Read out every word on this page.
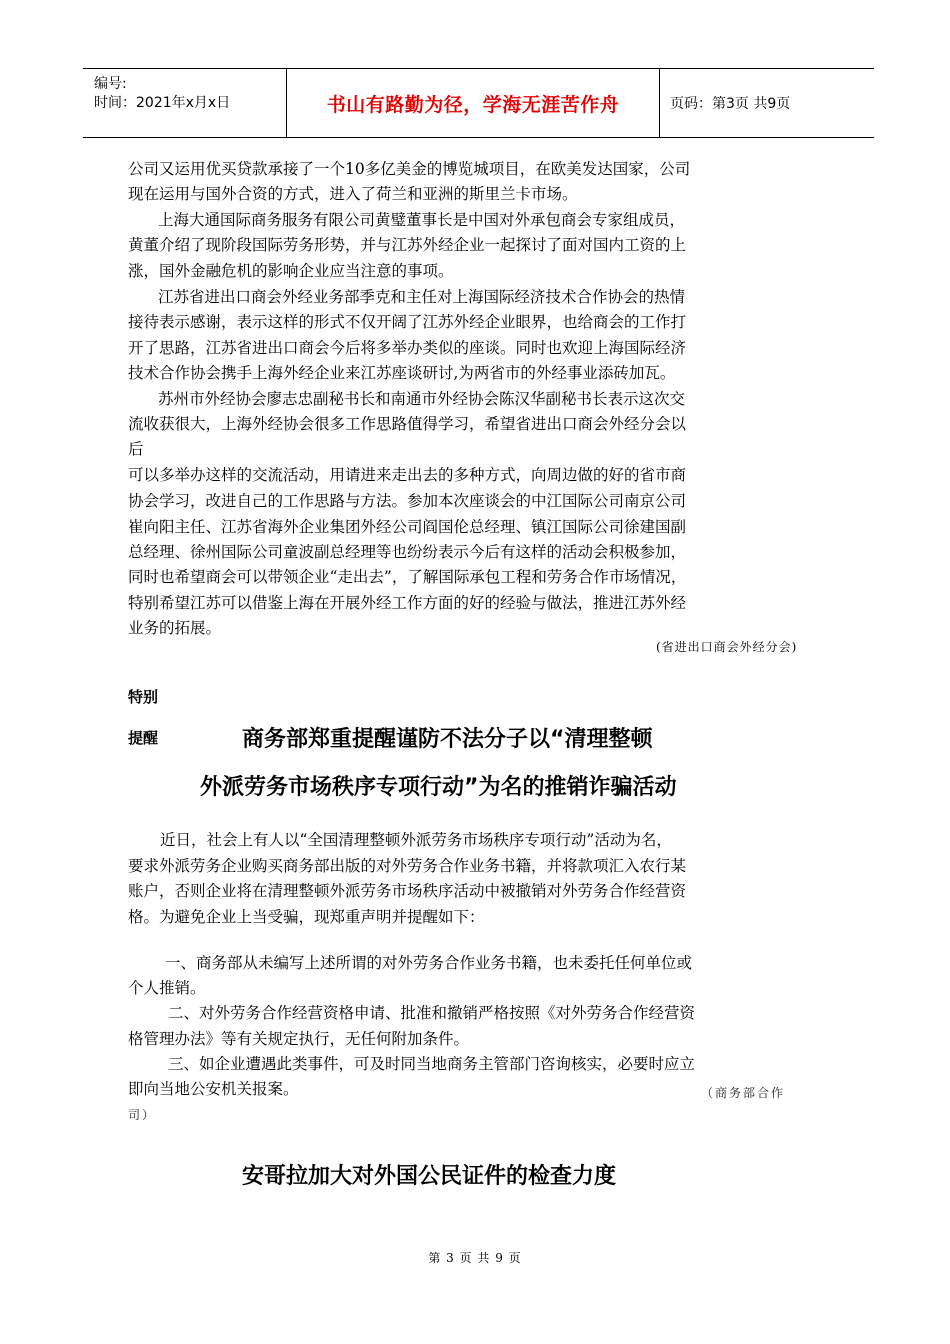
编号:
时间：2021年x月x日	书山有路勤为径，学海无涯苦作舟	页码：第3页 共9页
公司又运用优买贷款承接了一个10多亿美金的博览城项目，在欧美发达国家，公司
现在运用与国外合资的方式，进入了荷兰和亚洲的斯里兰卡市场。
上海大通国际商务服务有限公司黄璧董事长是中国对外承包商会专家组成员，
黄董介绍了现阶段国际劳务形势，并与江苏外经企业一起探讨了面对国内工资的上
涨，国外金融危机的影响企业应当注意的事项。
江苏省进出口商会外经业务部季克和主任对上海国际经济技术合作协会的热情
接待表示感谢，表示这样的形式不仅开阔了江苏外经企业眼界，也给商会的工作打
开了思路，江苏省进出口商会今后将多举办类似的座谈。同时也欢迎上海国际经济
技术合作协会携手上海外经企业来江苏座谈研讨,为两省市的外经事业添砖加瓦。
苏州市外经协会廖志忠副秘书长和南通市外经协会陈汉华副秘书长表示这次交
流收获很大，上海外经协会很多工作思路值得学习，希望省进出口商会外经分会以
后
可以多举办这样的交流活动，用请进来走出去的多种方式，向周边做的好的省市商
协会学习，改进自己的工作思路与方法。参加本次座谈会的中江国际公司南京公司
崔向阳主任、江苏省海外企业集团外经公司阎国伦总经理、镇江国际公司徐建国副
总经理、徐州国际公司童波副总经理等也纷纷表示今后有这样的活动会积极参加，
同时也希望商会可以带领企业“走出去”，了解国际承包工程和劳务合作市场情况，
特别希望江苏可以借鉴上海在开展外经工作方面的好的经验与做法，推进江苏外经
业务的拓展。
(省进出口商会外经分会)
特别
提醒	商务部郑重提醒谨防不法分子以“清理整顿
外派劳务市场秩序专项行动”为名的推销诈骗活动
近日，社会上有人以“全国清理整顿外派劳务市场秩序专项行动”活动为名，
要求外派劳务企业购买商务部出版的对外劳务合作业务书籍，并将款项汇入农行某
账户，否则企业将在清理整顿外派劳务市场秩序活动中被撤销对外劳务合作经营资
格。为避免企业上当受骗，现郑重声明并提醒如下：
一、商务部从未编写上述所谓的对外劳务合作业务书籍，也未委托任何单位或
个人推销。
二、对外劳务合作经营资格申请、批准和撤销严格按照《对外劳务合作经营资
格管理办法》等有关规定执行，无任何附加条件。
三、如企业遭遇此类事件，可及时同当地商务主管部门咨询核实，必要时应立
即向当地公安机关报案。	（商务部合作
司）
安哥拉加大对外国公民证件的检查力度
第 3 页 共 9 页
